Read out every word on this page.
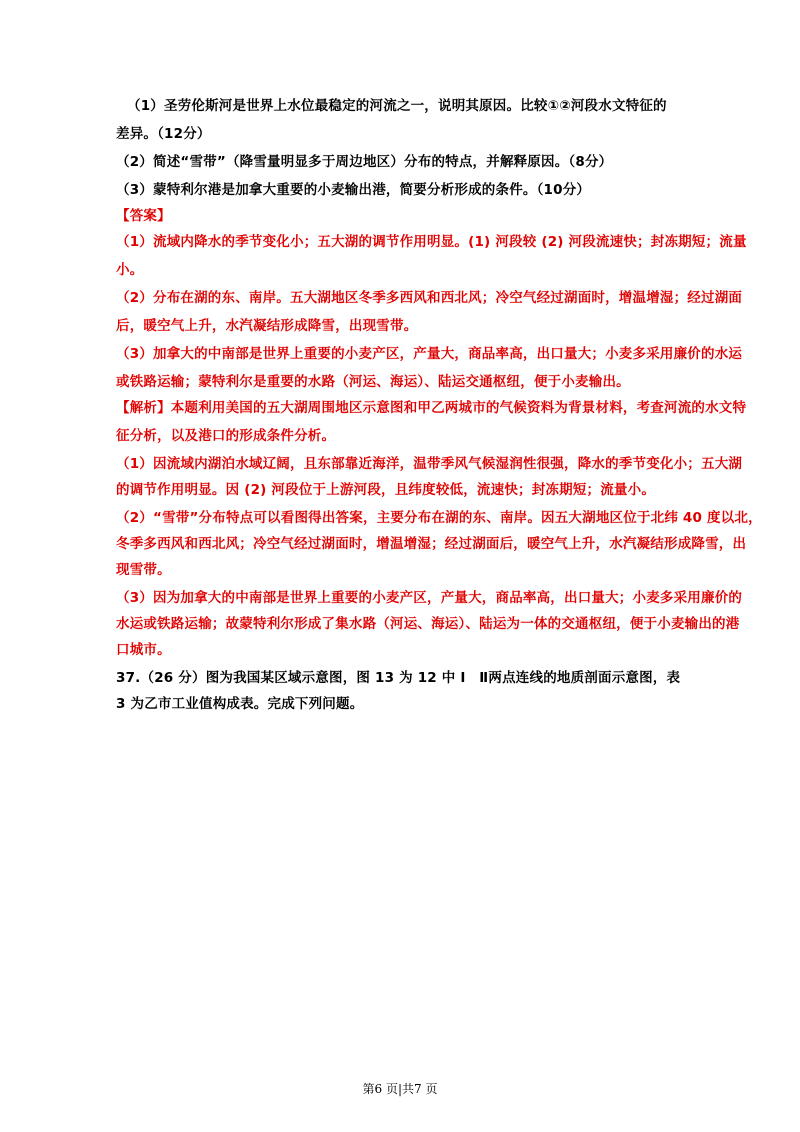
（1）圣劳伦斯河是世界上水位最稳定的河流之一，说明其原因。比较①②河段水文特征的
差异。（12分）
（2）简述“雪带”（降雪量明显多于周边地区）分布的特点，并解释原因。（8分）
（3）蒙特利尔港是加拿大重要的小麦输出港，简要分析形成的条件。（10分）
【答案】
（1）流域内降水的季节变化小；五大湖的调节作用明显。(1) 河段较 (2) 河段流速快；封冻期短；流量
小。
（2）分布在湖的东、南岸。五大湖地区冬季多西风和西北风；冷空气经过湖面时，增温增湿；经过湖面
后，暖空气上升，水汽凝结形成降雪，出现雪带。
（3）加拿大的中南部是世界上重要的小麦产区，产量大，商品率高，出口量大；小麦多采用廉价的水运
或铁路运输；蒙特利尔是重要的水路（河运、海运）、陆运交通枢纽，便于小麦输出。
【解析】本题利用美国的五大湖周围地区示意图和甲乙两城市的气候资料为背景材料，考查河流的水文特
征分析，以及港口的形成条件分析。
（1）因流域内湖泊水域辽阔，且东部靠近海洋，温带季风气候湿润性很强，降水的季节变化小；五大湖
的调节作用明显。因 (2) 河段位于上游河段，且纬度较低，流速快；封冻期短；流量小。
（2）“雪带”分布特点可以看图得出答案，主要分布在湖的东、南岸。因五大湖地区位于北纬 40 度以北，
冬季多西风和西北风；冷空气经过湖面时，增温增湿；经过湖面后，暖空气上升，水汽凝结形成降雪，出
现雪带。
（3）因为加拿大的中南部是世界上重要的小麦产区，产量大，商品率高，出口量大；小麦多采用廉价的
水运或铁路运输；故蒙特利尔形成了集水路（河运、海运）、陆运为一体的交通枢纽，便于小麦输出的港
口城市。
37.（26 分）图为我国某区域示意图，图 13 为 12 中 Ⅰ　Ⅱ两点连线的地质剖面示意图，表
3 为乙市工业值构成表。完成下列问题。
第6 页|共7 页
